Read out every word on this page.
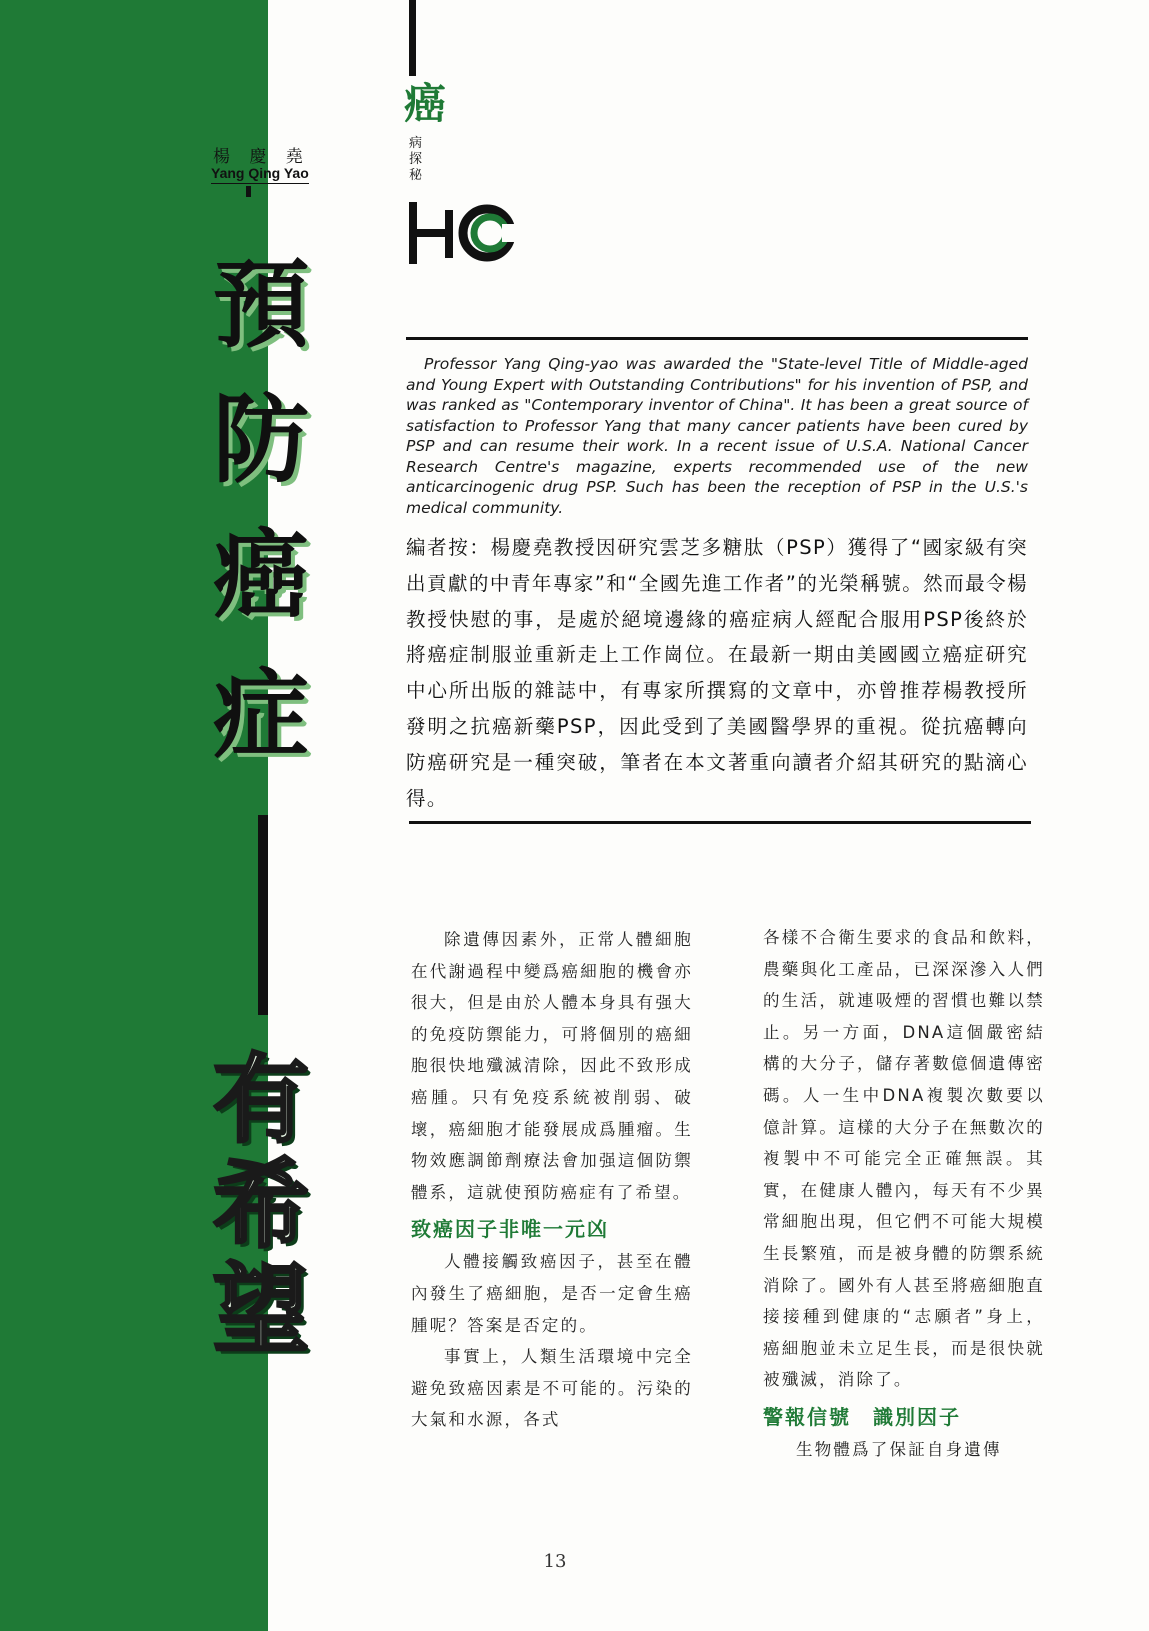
楊 慶 堯
Yang Qing Yao
預
防
癌
症
有
希
望
癌
病探秘

Professor Yang Qing-yao was awarded the "State-level Title of Middle-aged and Young Expert with Outstanding Contributions" for his invention of PSP, and was ranked as "Contemporary inventor of China". It has been a great source of satisfaction to Professor Yang that many cancer patients have been cured by PSP and can resume their work. In a recent issue of U.S.A. National Cancer Research Centre's magazine, experts recommended use of the new anticarcinogenic drug PSP. Such has been the reception of PSP in the U.S.'s medical community.

編者按：楊慶堯教授因研究雲芝多糖肽（PSP）獲得了“國家級有突出貢獻的中青年專家”和“全國先進工作者”的光榮稱號。然而最令楊教授快慰的事，是處於絕境邊緣的癌症病人經配合服用PSP後終於將癌症制服並重新走上工作崗位。在最新一期由美國國立癌症研究中心所出版的雜誌中，有專家所撰寫的文章中，亦曾推荐楊教授所發明之抗癌新藥PSP，因此受到了美國醫學界的重視。從抗癌轉向防癌研究是一種突破，筆者在本文著重向讀者介紹其研究的點滴心得。

除遺傳因素外，正常人體細胞在代謝過程中變爲癌細胞的機會亦很大，但是由於人體本身具有强大的免疫防禦能力，可將個別的癌細胞很快地殲滅清除，因此不致形成癌腫。只有免疫系統被削弱、破壞，癌細胞才能發展成爲腫瘤。生物效應調節劑療法會加强這個防禦體系，這就使預防癌症有了希望。

致癌因子非唯一元凶

人體接觸致癌因子，甚至在體內發生了癌細胞，是否一定會生癌腫呢？答案是否定的。

事實上，人類生活環境中完全避免致癌因素是不可能的。污染的大氣和水源，各式

各樣不合衛生要求的食品和飲料，農藥與化工產品，已深深滲入人們的生活，就連吸煙的習慣也難以禁止。另一方面，DNA這個嚴密結構的大分子，儲存著數億個遺傳密碼。人一生中DNA複製次數要以億計算。這樣的大分子在無數次的複製中不可能完全正確無誤。其實，在健康人體內，每天有不少異常細胞出現，但它們不可能大規模生長繁殖，而是被身體的防禦系統消除了。國外有人甚至將癌細胞直接接種到健康的“志願者”身上，癌細胞並未立足生長，而是很快就被殲滅，消除了。

警報信號　識別因子

生物體爲了保証自身遺傳

13
